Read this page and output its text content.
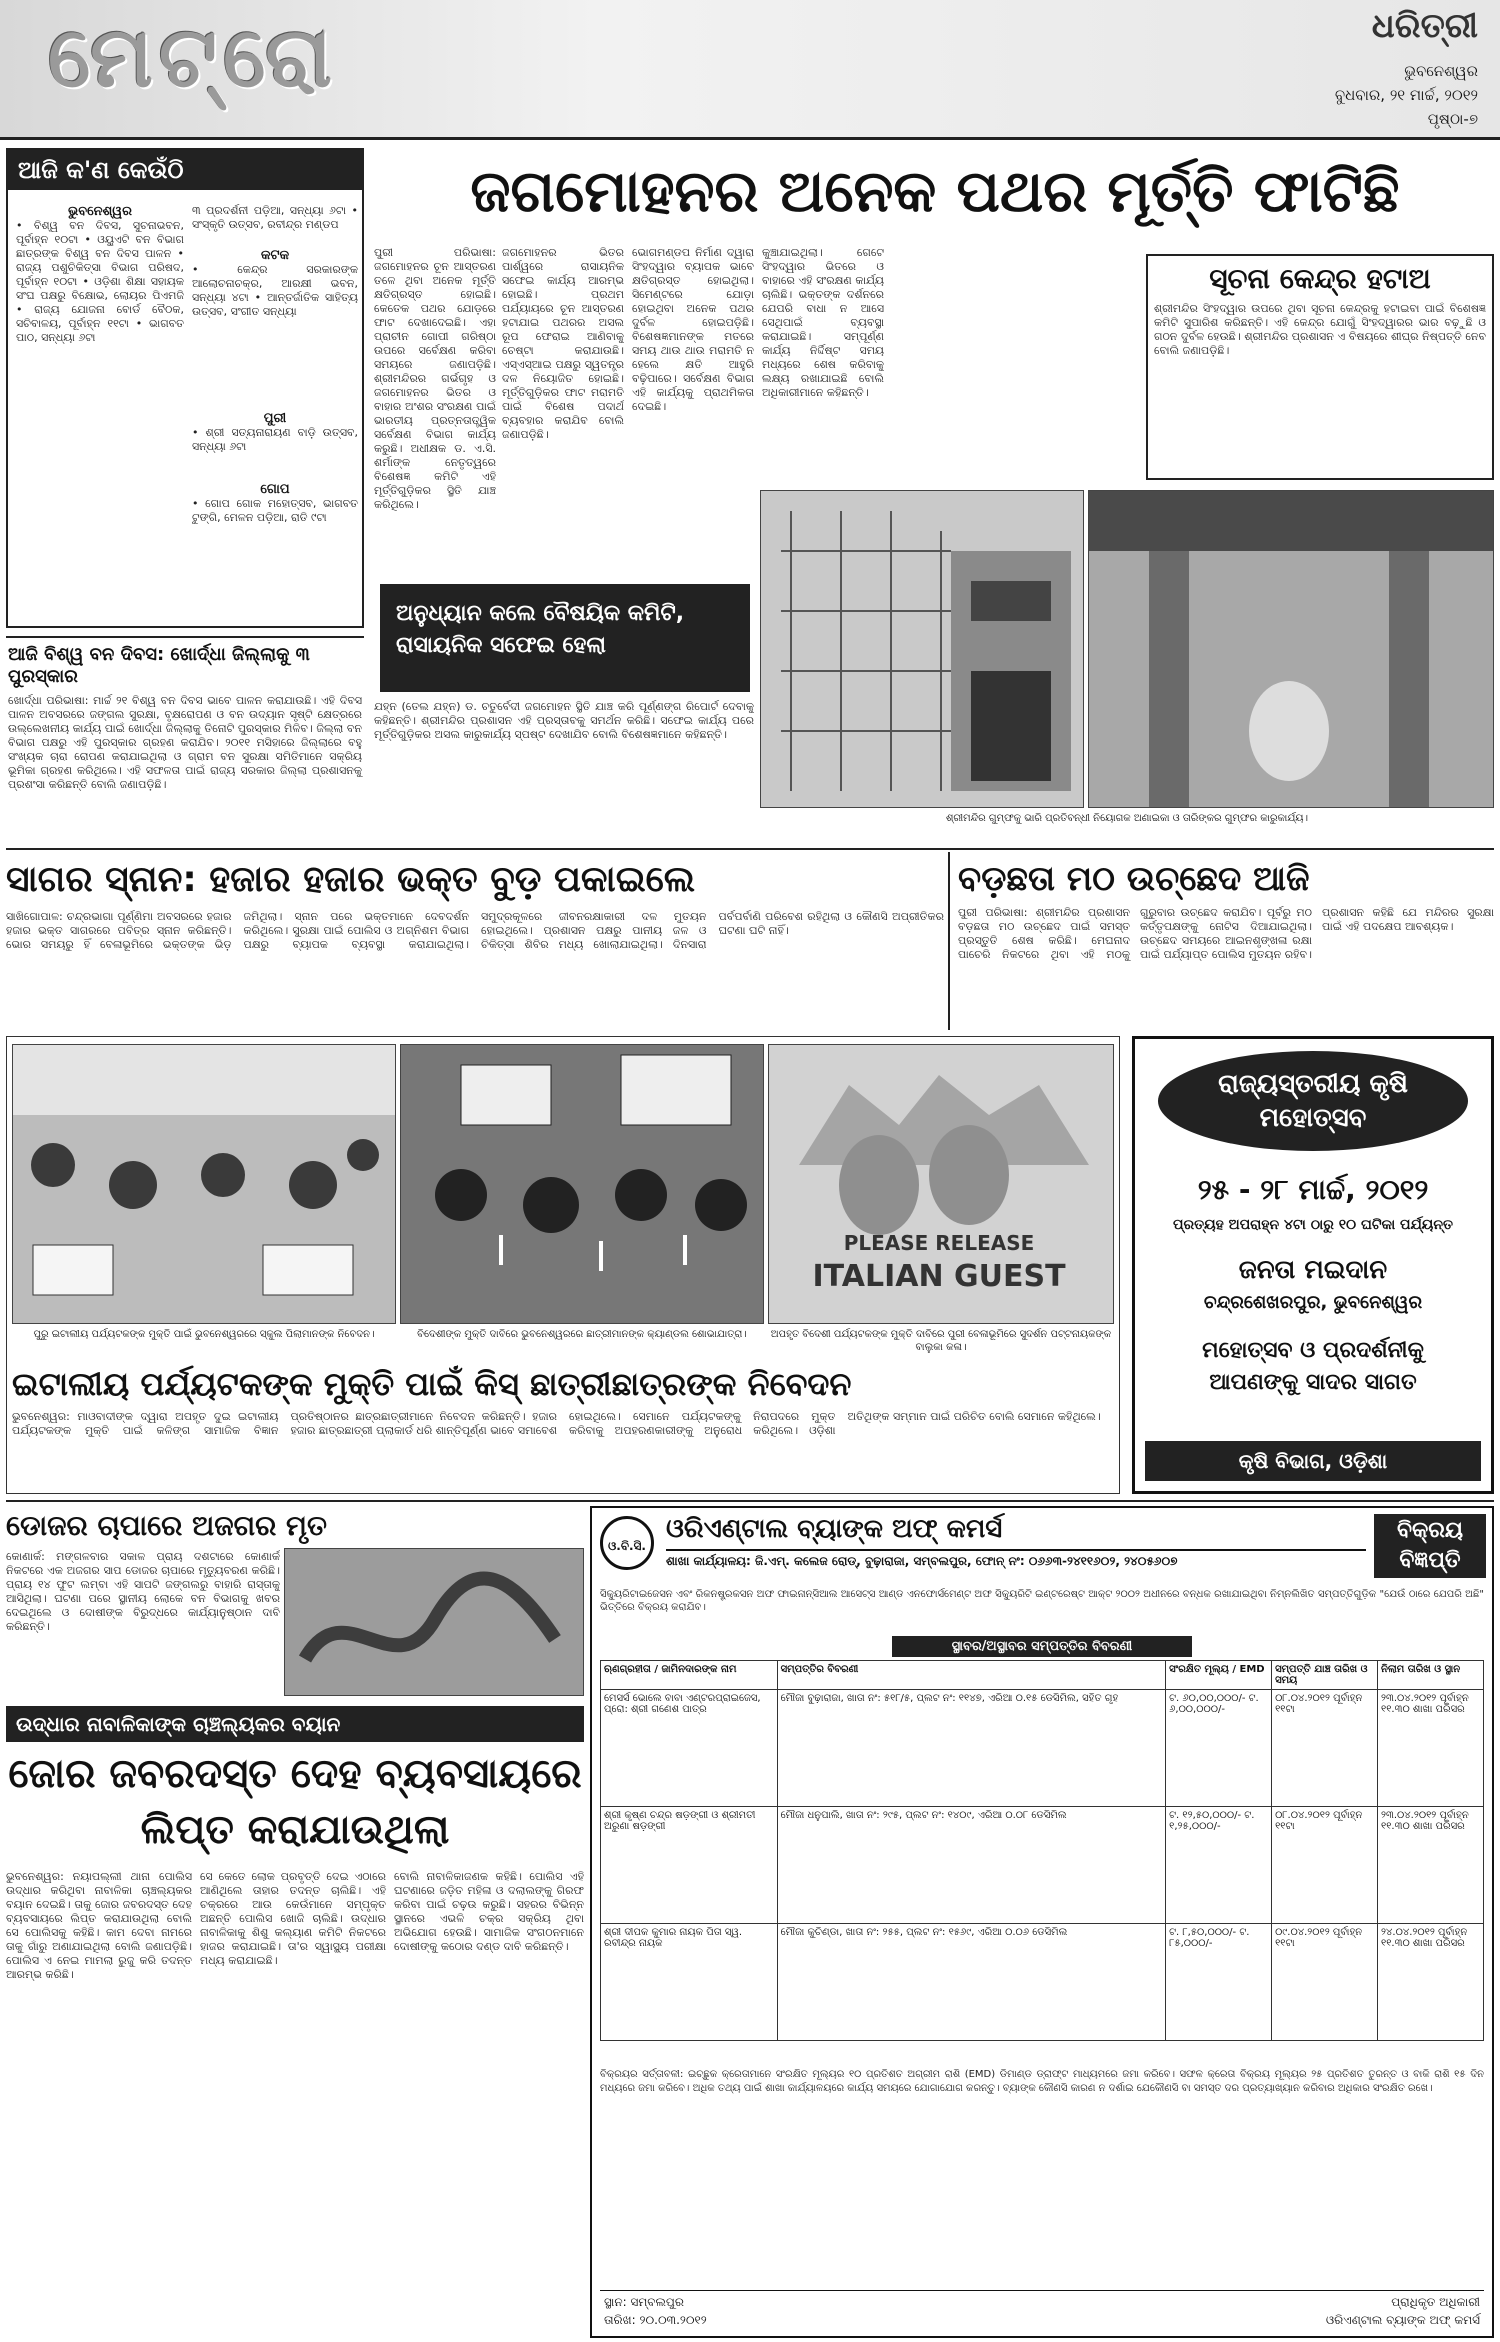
ମେଟ୍ରୋ	ଧରିତ୍ରୀ
ଭୁବନେଶ୍ୱର
ବୁଧବାର, ୨୧ ମାର୍ଚ୍ଚ, ୨୦୧୨
ପୃଷ୍ଠା-୭
ଆଜି କ'ଣ କେଉଁଠି
ଭୁବନେଶ୍ୱର
• ବିଶ୍ୱ ବନ ଦିବସ, ସୁଚନାଭବନ, ପୂର୍ବାହ୍ନ ୧୦ଟା • ଓୟୁଏଟି ବନ ବିଭାଗ ଛାତ୍ରଙ୍କ ବିଶ୍ୱ ବନ ଦିବସ ପାଳନ • ରାଜ୍ୟ ପଶୁଚିକିତ୍ସା ବିଭାଗ ପରିଷଦ, ପୂର୍ବାହ୍ନ ୧୦ଟା • ଓଡ଼ିଶା ଶିକ୍ଷା ସହାୟକ ସଂଘ ପକ୍ଷରୁ ବିକ୍ଷୋଭ, ଲୋୟର ପିଏମଜି • ରାଜ୍ୟ ଯୋଜନା ବୋର୍ଡ ବୈଠକ, ସଚିବାଳୟ, ପୂର୍ବାହ୍ନ ୧୧ଟା • ଭାଗବତ ପାଠ, ସନ୍ଧ୍ୟା ୬ଟା
୩ ପ୍ରଦର୍ଶନୀ ପଡ଼ିଆ, ସନ୍ଧ୍ୟା ୬ଟା • ସଂସ୍କୃତି ଉତ୍ସବ, ରବୀନ୍ଦ୍ର ମଣ୍ଡପ
କଟକ
• କେନ୍ଦ୍ର ସରକାରଙ୍କ ଆଲୋଚନାଚକ୍ର, ଆରକ୍ଷୀ ଭବନ, ସନ୍ଧ୍ୟା ୪ଟା • ଆନ୍ତର୍ଜାତିକ ସାହିତ୍ୟ ଉତ୍ସବ, ସଂଗୀତ ସନ୍ଧ୍ୟା
ପୁରୀ
• ଶ୍ରୀ ସତ୍ୟନାରାୟଣ ବାଡ଼ି ଉତ୍ସବ, ସନ୍ଧ୍ୟା ୬ଟା
ଗୋପ
• ଗୋପ ଗୋକ ମହୋତ୍ସବ, ଭାଗବତ ଟୁଙ୍ଗି, ମେଳନ ପଡ଼ିଆ, ରାତି ୯ଟା
ଆଜି ବିଶ୍ୱ ବନ ଦିବସ: ଖୋର୍ଦ୍ଧା ଜିଲ୍ଲାକୁ ୩ ପୁରସ୍କାର
ଖୋର୍ଦ୍ଧା ପରିଭାଷା: ମାର୍ଚ୍ଚ ୨୧ ବିଶ୍ୱ ବନ ଦିବସ ଭାବେ ପାଳନ କରାଯାଉଛି। ଏହି ଦିବସ ପାଳନ ଅବସରରେ ଜଙ୍ଗଲ ସୁରକ୍ଷା, ବୃକ୍ଷରୋପଣ ଓ ବନ ଉଦ୍ୟାନ ସୃଷ୍ଟି କ୍ଷେତ୍ରରେ ଉଲ୍ଲେଖନୀୟ କାର୍ଯ୍ୟ ପାଇଁ ଖୋର୍ଦ୍ଧା ଜିଲ୍ଲାକୁ ତିନୋଟି ପୁରସ୍କାର ମିଳିବ। ଜିଲ୍ଲା ବନ ବିଭାଗ ପକ୍ଷରୁ ଏହି ପୁରସ୍କାର ଗ୍ରହଣ କରାଯିବ। ୨୦୧୧ ମସିହାରେ ଜିଲ୍ଲାରେ ବହୁ ସଂଖ୍ୟକ ଚାରା ରୋପଣ କରାଯାଇଥିଲା ଓ ଗ୍ରାମ ବନ ସୁରକ୍ଷା ସମିତିମାନେ ସକ୍ରିୟ ଭୂମିକା ଗ୍ରହଣ କରିଥିଲେ। ଏହି ସଫଳତା ପାଇଁ ରାଜ୍ୟ ସରକାର ଜିଲ୍ଲା ପ୍ରଶାସନକୁ ପ୍ରଶଂସା କରିଛନ୍ତି ବୋଲି ଜଣାପଡ଼ିଛି।
ଜଗମୋହନର ଅନେକ ପଥର ମୂର୍ତ୍ତି ଫାଟିଛି
ପୁରୀ ପରିଭାଷା: ଜଗମୋହନର ଚୂନ ଆସ୍ତରଣ ତଳେ ଥିବା ଅନେକ ମୂର୍ତ୍ତି କ୍ଷତିଗ୍ରସ୍ତ ହୋଇଛି। କେତେକ ପଥର ଯୋଡ଼ରେ ଫାଟ ଦେଖାଦେଇଛି। ଏହା ପ୍ରାଚୀନ ଗୋପୀ ଗରିଷ୍ଠା ଉପରେ ସର୍ବେକ୍ଷଣ କରିବା ସମୟରେ ଜଣାପଡ଼ିଛି। ଶ୍ରୀମନ୍ଦିରର ଗର୍ଭଗୃହ ଓ ଜଗମୋହନର ଭିତର ଓ ବାହାର ଅଂଶର ସଂରକ୍ଷଣ ପାଇଁ ଭାରତୀୟ ପ୍ରତ୍ନତାତ୍ତ୍ୱିକ ସର୍ବେକ୍ଷଣ ବିଭାଗ କାର୍ଯ୍ୟ କରୁଛି। ଅଧୀକ୍ଷକ ଡ. ଏ.ସି. ଶର୍ମାଙ୍କ ନେତୃତ୍ୱରେ ବିଶେଷଜ୍ଞ କମିଟି ଏହି ମୂର୍ତ୍ତିଗୁଡ଼ିକର ସ୍ଥିତି ଯାଞ୍ଚ କରିଥିଲେ।
ଜଗମୋହନର ଭିତର ପାର୍ଶ୍ୱରେ ରାସାୟନିକ ସଫେଇ କାର୍ଯ୍ୟ ଆରମ୍ଭ ହୋଇଛି। ପ୍ରଥମ ପର୍ଯ୍ୟାୟରେ ଚୂନ ଆସ୍ତରଣ ହଟାଯାଇ ପଥରର ଅସଲ ରୂପ ଫେରାଇ ଆଣିବାକୁ ଚେଷ୍ଟା କରାଯାଉଛି। ଏସ୍‌ଏସ୍‌ଆଇ ପକ୍ଷରୁ ସ୍ୱତନ୍ତ୍ର ଦଳ ନିୟୋଜିତ ହୋଇଛି। ମୂର୍ତ୍ତିଗୁଡ଼ିକର ଫାଟ ମରାମତି ପାଇଁ ବିଶେଷ ପଦାର୍ଥ ବ୍ୟବହାର କରାଯିବ ବୋଲି ଜଣାପଡ଼ିଛି।
ଭୋଗମଣ୍ଡପ ନିର୍ମାଣ ଦ୍ୱାରା ସିଂହଦ୍ୱାର ବ୍ୟାପକ ଭାବେ କ୍ଷତିଗ୍ରସ୍ତ ହୋଇଥିଲା। ସିମେଣ୍ଟରେ ଯୋଡ଼ା ହୋଇଥିବା ଅନେକ ପଥର ଦୁର୍ବଳ ହୋଇପଡ଼ିଛି। ବିଶେଷଜ୍ଞମାନଙ୍କ ମତରେ ସମୟ ଥାଉ ଥାଉ ମରାମତି ନ ହେଲେ କ୍ଷତି ଆହୁରି ବଢ଼ିପାରେ। ସର୍ବେକ୍ଷଣ ବିଭାଗ ଏହି କାର୍ଯ୍ୟକୁ ପ୍ରାଥମିକତା ଦେଇଛି।
କୁଞ୍ଚାଯାଇଥିଲା। ଗେଟେ ସିଂହଦ୍ୱାର ଭିତରେ ଓ ବାହାରେ ଏହି ସଂରକ୍ଷଣ କାର୍ଯ୍ୟ ଚାଲିଛି। ଭକ୍ତଙ୍କ ଦର୍ଶନରେ ଯେପରି ବାଧା ନ ଆସେ ସେଥିପାଇଁ ବ୍ୟବସ୍ଥା କରାଯାଇଛି। ସମ୍ପୂର୍ଣ୍ଣ କାର୍ଯ୍ୟ ନିର୍ଦ୍ଦିଷ୍ଟ ସମୟ ମଧ୍ୟରେ ଶେଷ କରିବାକୁ ଲକ୍ଷ୍ୟ ରଖାଯାଇଛି ବୋଲି ଅଧିକାରୀମାନେ କହିଛନ୍ତି।
ଅନୁଧ୍ୟାନ କଲେ ବୈଷୟିକ କମିଟି, ରାସାୟନିକ ସଫେଇ ହେଲା
ଯହ୍ନ (ତେଲ ଯହ୍ନ) ଡ. ଚତୁର୍ବେଦୀ ଜଗମୋହନ ସ୍ଥିତି ଯାଞ୍ଚ କରି ପୂର୍ଣ୍ଣଙ୍ଗ ରିପୋର୍ଟ ଦେବାକୁ କହିଛନ୍ତି। ଶ୍ରୀମନ୍ଦିର ପ୍ରଶାସନ ଏହି ପ୍ରସ୍ତାବକୁ ସମର୍ଥନ କରିଛି। ସଫେଇ କାର୍ଯ୍ୟ ପରେ ମୂର୍ତ୍ତିଗୁଡ଼ିକର ଅସଲ କାରୁକାର୍ଯ୍ୟ ସ୍ପଷ୍ଟ ଦେଖାଯିବ ବୋଲି ବିଶେଷଜ୍ଞମାନେ କହିଛନ୍ତି।
ସୂଚନା କେନ୍ଦ୍ର ହଟାଅ
ଶ୍ରୀମନ୍ଦିର ସିଂହଦ୍ୱାର ଉପରେ ଥିବା ସୂଚନା କେନ୍ଦ୍ରକୁ ହଟାଇବା ପାଇଁ ବିଶେଷଜ୍ଞ କମିଟି ସୁପାରିଶ କରିଛନ୍ତି। ଏହି କେନ୍ଦ୍ର ଯୋଗୁଁ ସିଂହଦ୍ୱାରର ଭାର ବଢ଼ୁଛି ଓ ଗଠନ ଦୁର୍ବଳ ହେଉଛି। ଶ୍ରୀମନ୍ଦିର ପ୍ରଶାସନ ଏ ବିଷୟରେ ଶୀଘ୍ର ନିଷ୍ପତ୍ତି ନେବ ବୋଲି ଜଣାପଡ଼ିଛି।
ଶ୍ରୀମନ୍ଦିର ଗୁମ୍ଫକୁ ଭାରି ପ୍ରତିବନ୍ଧୀ ନିୟୋଗକ ଅଣାଇକା ଓ ତାରିଙ୍କର ଗୁମ୍ଫର କାରୁକାର୍ଯ୍ୟ।
ସାଗର ସ୍ନାନ: ହଜାର ହଜାର ଭକ୍ତ ବୁଡ଼ ପକାଇଲେ
ସାଖିଗୋପାଳ: ଚନ୍ଦ୍ରଭାଗା ପୂର୍ଣ୍ଣିମା ଅବସରରେ ହଜାର ହଜାର ଭକ୍ତ ସାଗରରେ ପବିତ୍ର ସ୍ନାନ କରିଛନ୍ତି। ଭୋର ସମୟରୁ ହିଁ ବେଳାଭୂମିରେ ଭକ୍ତଙ୍କ ଭିଡ଼ ଜମିଥିଲା। ସ୍ନାନ ପରେ ଭକ୍ତମାନେ ଦେବଦର୍ଶନ କରିଥିଲେ। ସୁରକ୍ଷା ପାଇଁ ପୋଲିସ ଓ ଅଗ୍ନିଶମ ବିଭାଗ ପକ୍ଷରୁ ବ୍ୟାପକ ବ୍ୟବସ୍ଥା କରାଯାଇଥିଲା। ସମୁଦ୍ରକୂଳରେ ଜୀବନରକ୍ଷାକାରୀ ଦଳ ମୁତୟନ ହୋଇଥିଲେ। ପ୍ରଶାସନ ପକ୍ଷରୁ ପାନୀୟ ଜଳ ଓ ଚିକିତ୍ସା ଶିବିର ମଧ୍ୟ ଖୋଲାଯାଇଥିଲା। ଦିନସାରା ପର୍ବପର୍ବାଣି ପରିବେଶ ରହିଥିଲା ଓ କୌଣସି ଅପ୍ରୀତିକର ଘଟଣା ଘଟି ନାହିଁ।
ବଡ଼ଛତା ମଠ ଉଚ୍ଛେଦ ଆଜି
ପୁରୀ ପରିଭାଷା: ଶ୍ରୀମନ୍ଦିର ପ୍ରଶାସନ ବଡ଼ଛତା ମଠ ଉଚ୍ଛେଦ ପାଇଁ ସମସ୍ତ ପ୍ରସ୍ତୁତି ଶେଷ କରିଛି। ମେଘନାଦ ପାଚେରି ନିକଟରେ ଥିବା ଏହି ମଠକୁ ଗୁରୁବାର ଉଚ୍ଛେଦ କରାଯିବ। ପୂର୍ବରୁ ମଠ କର୍ତ୍ତୃପକ୍ଷଙ୍କୁ ନୋଟିସ ଦିଆଯାଇଥିଲା। ଉଚ୍ଛେଦ ସମୟରେ ଆଇନଶୃଙ୍ଖଳା ରକ୍ଷା ପାଇଁ ପର୍ଯ୍ୟାପ୍ତ ପୋଲିସ ମୁତୟନ ରହିବ। ପ୍ରଶାସନ କହିଛି ଯେ ମନ୍ଦିରର ସୁରକ୍ଷା ପାଇଁ ଏହି ପଦକ୍ଷେପ ଆବଶ୍ୟକ।
PLEASE RELEASE
ITALIAN GUEST
ପୁରୁ ଇଟାଲୀୟ ପର୍ଯ୍ୟଟକଙ୍କ ମୁକ୍ତି ପାଇଁ ଭୁବନେଶ୍ୱରରେ ସ୍କୁଲ ପିଲାମାନଙ୍କ ନିବେଦନ।	ବିଦେଶୀଙ୍କ ମୁକ୍ତି ଦାବିରେ ଭୁବନେଶ୍ୱରରେ ଛାତ୍ରୀମାନଙ୍କ କ୍ୟାଣ୍ଡଲ ଶୋଭାଯାତ୍ରା।	ଅପହୃତ ବିଦେଶୀ ପର୍ଯ୍ୟଟକଙ୍କ ମୁକ୍ତି ଦାବିରେ ପୁରୀ ବେଳାଭୂମିରେ ସୁଦର୍ଶନ ପଟ୍ଟନାୟକଙ୍କ ବାଲୁକା କଳା।
ଇଟାଲୀୟ ପର୍ଯ୍ୟଟକଙ୍କ ମୁକ୍ତି ପାଇଁ କିସ୍ ଛାତ୍ରୀଛାତ୍ରଙ୍କ ନିବେଦନ
ଭୁବନେଶ୍ୱର: ମାଓବାଦୀଙ୍କ ଦ୍ୱାରା ଅପହୃତ ଦୁଇ ଇଟାଲୀୟ ପର୍ଯ୍ୟଟକଙ୍କ ମୁକ୍ତି ପାଇଁ କଳିଙ୍ଗ ସାମାଜିକ ବିଜ୍ଞାନ ପ୍ରତିଷ୍ଠାନର ଛାତ୍ରଛାତ୍ରୀମାନେ ନିବେଦନ କରିଛନ୍ତି। ହଜାର ହଜାର ଛାତ୍ରଛାତ୍ରୀ ପ୍ଲାକାର୍ଡ ଧରି ଶାନ୍ତିପୂର୍ଣ୍ଣ ଭାବେ ସମାବେଶ ହୋଇଥିଲେ। ସେମାନେ ପର୍ଯ୍ୟଟକଙ୍କୁ ନିରାପଦରେ ମୁକ୍ତ କରିବାକୁ ଅପହରଣକାରୀଙ୍କୁ ଅନୁରୋଧ କରିଥିଲେ। ଓଡ଼ିଶା ଅତିଥିଙ୍କ ସମ୍ମାନ ପାଇଁ ପରିଚିତ ବୋଲି ସେମାନେ କହିଥିଲେ।
ରାଜ୍ୟସ୍ତରୀୟ କୃଷି ମହୋତ୍ସବ
୨୫ - ୨୮ ମାର୍ଚ୍ଚ, ୨୦୧୨
ପ୍ରତ୍ୟହ ଅପରାହ୍ନ ୪ଟା ଠାରୁ ୧୦ ଘଟିକା ପର୍ଯ୍ୟନ୍ତ
ଜନତା ମଇଦାନ
ଚନ୍ଦ୍ରଶେଖରପୁର, ଭୁବନେଶ୍ୱର
ମହୋତ୍ସବ ଓ ପ୍ରଦର୍ଶନୀକୁ ଆପଣଙ୍କୁ ସାଦର ସାଗତ
କୃଷି ବିଭାଗ, ଓଡ଼ିଶା
ଡୋଜର ଚାପାରେ ଅଜଗର ମୃତ
କୋଣାର୍କ: ମଙ୍ଗଳବାର ସକାଳ ପ୍ରାୟ ଦଶଟାରେ କୋଣାର୍କ ନିକଟରେ ଏକ ଅଜଗର ସାପ ଡୋଜର ଚାପାରେ ମୃତ୍ୟୁବରଣ କରିଛି। ପ୍ରାୟ ୧୪ ଫୁଟ ଲମ୍ବା ଏହି ସାପଟି ଜଙ୍ଗଲରୁ ବାହାରି ରାସ୍ତାକୁ ଆସିଥିଲା। ଘଟଣା ପରେ ସ୍ଥାନୀୟ ଲୋକେ ବନ ବିଭାଗକୁ ଖବର ଦେଇଥିଲେ ଓ ଦୋଷୀଙ୍କ ବିରୁଦ୍ଧରେ କାର୍ଯ୍ୟାନୁଷ୍ଠାନ ଦାବି କରିଛନ୍ତି।
ଉଦ୍ଧାର ନାବାଳିକାଙ୍କ ଚାଞ୍ଚଲ୍ୟକର ବୟାନ
ଜୋର ଜବରଦସ୍ତ ଦେହ ବ୍ୟବସାୟରେ ଲିପ୍ତ କରାଯାଉଥିଲା
ଭୁବନେଶ୍ୱର: ନୟାପଲ୍ଲୀ ଥାନା ପୋଲିସ ଉଦ୍ଧାର କରିଥିବା ନାବାଳିକା ଚାଞ୍ଚଲ୍ୟକର ବୟାନ ଦେଇଛି। ତାକୁ ଜୋର ଜବରଦସ୍ତ ଦେହ ବ୍ୟବସାୟରେ ଲିପ୍ତ କରାଯାଉଥିଲା ବୋଲି ସେ ପୋଲିସକୁ କହିଛି। କାମ ଦେବା ନାମରେ ତାକୁ ଗାଁରୁ ଅଣାଯାଇଥିଲା ବୋଲି ଜଣାପଡ଼ିଛି। ପୋଲିସ ଏ ନେଇ ମାମଲା ରୁଜୁ କରି ତଦନ୍ତ ଆରମ୍ଭ କରିଛି।
ସେ କେତେ ଲୋକ ପ୍ରବୃତ୍ତି ଦେଇ ଏଠାରେ ଆଣିଥିଲେ ତାହାର ତଦନ୍ତ ଚାଲିଛି। ଏହି ଚକ୍ରରେ ଆଉ କେଉଁମାନେ ସମ୍ପୃକ୍ତ ଅଛନ୍ତି ପୋଲିସ ଖୋଜି ଚାଲିଛି। ଉଦ୍ଧାର ନାବାଳିକାକୁ ଶିଶୁ କଲ୍ୟାଣ କମିଟି ନିକଟରେ ହାଜର କରାଯାଇଛି। ତା'ର ସ୍ୱାସ୍ଥ୍ୟ ପରୀକ୍ଷା ମଧ୍ୟ କରାଯାଇଛି।
ବୋଲି ନାବାଳିକାଜଣକ କହିଛି। ପୋଲିସ ଏହି ଘଟଣାରେ ଜଡ଼ିତ ମହିଳା ଓ ଦଲାଲଙ୍କୁ ଗିରଫ କରିବା ପାଇଁ ଚଢ଼ଉ କରୁଛି। ସହରର ବିଭିନ୍ନ ସ୍ଥାନରେ ଏଭଳି ଚକ୍ର ସକ୍ରିୟ ଥିବା ଅଭିଯୋଗ ହେଉଛି। ସାମାଜିକ ସଂଗଠନମାନେ ଦୋଷୀଙ୍କୁ କଠୋର ଦଣ୍ଡ ଦାବି କରିଛନ୍ତି।
ଓ.ବି.ସି.
ଓରିଏଣ୍ଟାଲ ବ୍ୟାଙ୍କ ଅଫ୍ କମର୍ସ
ଶାଖା କାର୍ଯ୍ୟାଳୟ: ଜି.ଏମ୍. କଲେଜ ରୋଡ୍, ବୁଢ଼ାରାଜା, ସମ୍ବଲପୁର, ଫୋନ୍ ନଂ: ୦୬୬୩-୨୪୧୧୬୦୨, ୨୪୦୫୬୦୭
ବିକ୍ରୟ ବିଜ୍ଞପ୍ତି
ସିକ୍ୟୁରିଟାଇଜେସନ ଏବଂ ରିକନଷ୍ଟ୍ରକସନ ଅଫ ଫାଇନାନ୍ସିଆଲ ଆସେଟ୍ସ ଆଣ୍ଡ ଏନଫୋର୍ସମେଣ୍ଟ ଅଫ ସିକ୍ୟୁରିଟି ଇଣ୍ଟରେଷ୍ଟ ଆକ୍ଟ ୨୦୦୨ ଅଧୀନରେ ବନ୍ଧକ ରଖାଯାଇଥିବା ନିମ୍ନଲିଖିତ ସମ୍ପତ୍ତିଗୁଡ଼ିକ "ଯେଉଁ ଠାରେ ଯେପରି ଅଛି" ଭିତ୍ତିରେ ବିକ୍ରୟ କରାଯିବ।
ସ୍ଥାବର/ଅସ୍ଥାବର ସମ୍ପତ୍ତିର ବିବରଣୀ
ଋଣଗ୍ରହୀତା / ଜାମିନଦାରଙ୍କ ନାମ	ସମ୍ପତ୍ତିର ବିବରଣୀ	ସଂରକ୍ଷିତ ମୂଲ୍ୟ / EMD	ସମ୍ପତ୍ତି ଯାଞ୍ଚ ତାରିଖ ଓ ସମୟ	ନିଲାମ ତାରିଖ ଓ ସ୍ଥାନ
ମେସର୍ସ ଭୋଲେ ବାବା ଏଣ୍ଟରପ୍ରାଇଜେସ, ପ୍ରୋ: ଶ୍ରୀ ଗଣେଶ ପାତ୍ର	ମୌଜା ବୁଢ଼ାରାଜା, ଖାତା ନଂ: ୫୧୮/୫, ପ୍ଲଟ ନଂ: ୧୧୪୭, ଏରିଆ ୦.୧୫ ଡେସିମିଲ, ସହିତ ଗୃହ	ଟ. ୬୦,୦୦,୦୦୦/- ଟ. ୬,୦୦,୦୦୦/-	୦୮.୦୪.୨୦୧୨ ପୂର୍ବାହ୍ନ ୧୧ଟା	୨୩.୦୪.୨୦୧୨ ପୂର୍ବାହ୍ନ ୧୧.୩୦ ଶାଖା ପରିସର
ଶ୍ରୀ କୃଷ୍ଣ ଚନ୍ଦ୍ର ଷଡ଼ଙ୍ଗୀ ଓ ଶ୍ରୀମତୀ ଅରୁଣା ଷଡ଼ଙ୍ଗୀ	ମୌଜା ଧନୁପାଲି, ଖାତା ନଂ: ୨୯୫, ପ୍ଲଟ ନଂ: ୧୪୦୯, ଏରିଆ ୦.୦୮ ଡେସିମିଲ	ଟ. ୧୨,୫୦,୦୦୦/- ଟ. ୧,୨୫,୦୦୦/-	୦୮.୦୪.୨୦୧୨ ପୂର୍ବାହ୍ନ ୧୧ଟା	୨୩.୦୪.୨୦୧୨ ପୂର୍ବାହ୍ନ ୧୧.୩୦ ଶାଖା ପରିସର
ଶ୍ରୀ ଦୀପକ କୁମାର ନାୟକ ପିତା ସ୍ୱ. ରବୀନ୍ଦ୍ର ନାୟକ	ମୌଜା କୁଚିଣ୍ଡା, ଖାତା ନଂ: ୨୫୫, ପ୍ଲଟ ନଂ: ୧୫୬୯, ଏରିଆ ୦.୦୬ ଡେସିମିଲ	ଟ. ୮,୫୦,୦୦୦/- ଟ. ୮୫,୦୦୦/-	୦୯.୦୪.୨୦୧୨ ପୂର୍ବାହ୍ନ ୧୧ଟା	୨୪.୦୪.୨୦୧୨ ପୂର୍ବାହ୍ନ ୧୧.୩୦ ଶାଖା ପରିସର
ବିକ୍ରୟର ସର୍ତ୍ତାବଳୀ: ଇଚ୍ଛୁକ କ୍ରେତାମାନେ ସଂରକ୍ଷିତ ମୂଲ୍ୟର ୧୦ ପ୍ରତିଶତ ଅଗ୍ରୀମ ରାଶି (EMD) ଡିମାଣ୍ଡ ଡ୍ରାଫ୍ଟ ମାଧ୍ୟମରେ ଜମା କରିବେ। ସଫଳ କ୍ରେତା ବିକ୍ରୟ ମୂଲ୍ୟର ୨୫ ପ୍ରତିଶତ ତୁରନ୍ତ ଓ ବାକି ରାଶି ୧୫ ଦିନ ମଧ୍ୟରେ ଜମା କରିବେ। ଅଧିକ ତଥ୍ୟ ପାଇଁ ଶାଖା କାର୍ଯ୍ୟାଳୟରେ କାର୍ଯ୍ୟ ସମୟରେ ଯୋଗାଯୋଗ କରନ୍ତୁ। ବ୍ୟାଙ୍କ କୌଣସି କାରଣ ନ ଦର୍ଶାଇ ଯେକୌଣସି ବା ସମସ୍ତ ଦର ପ୍ରତ୍ୟାଖ୍ୟାନ କରିବାର ଅଧିକାର ସଂରକ୍ଷିତ ରଖେ।
ସ୍ଥାନ: ସମ୍ବଲପୁର
ତାରିଖ: ୨୦.୦୩.୨୦୧୨
ପ୍ରାଧିକୃତ ଅଧିକାରୀ
ଓରିଏଣ୍ଟାଲ ବ୍ୟାଙ୍କ ଅଫ୍ କମର୍ସ
